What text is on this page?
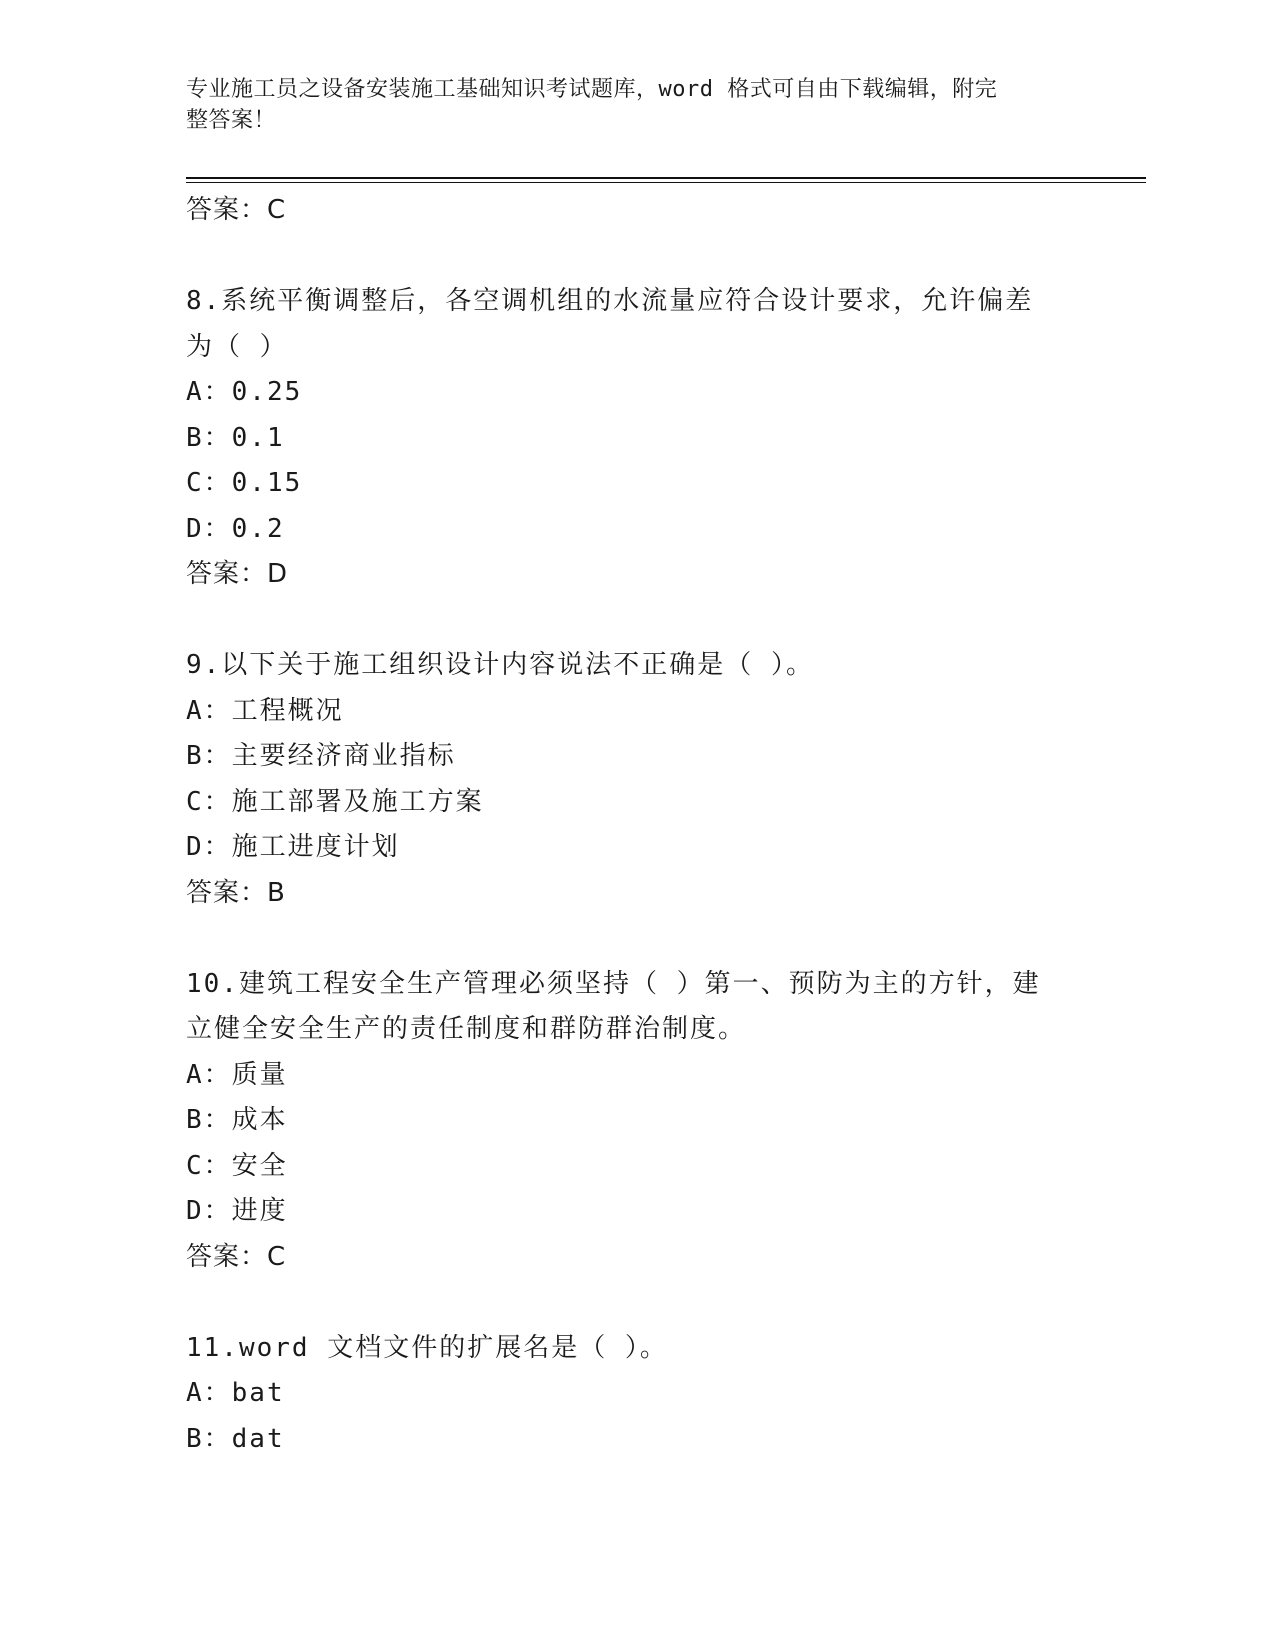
专业施工员之设备安装施工基础知识考试题库，word 格式可自由下载编辑，附完
整答案！
答案：C
8.系统平衡调整后，各空调机组的水流量应符合设计要求，允许偏差
为（ ）
A：0.25
B：0.1
C：0.15
D：0.2
答案：D
9.以下关于施工组织设计内容说法不正确是（ ）。
A：工程概况
B：主要经济商业指标
C：施工部署及施工方案
D：施工进度计划
答案：B
10.建筑工程安全生产管理必须坚持（ ）第一、预防为主的方针，建
立健全安全生产的责任制度和群防群治制度。
A：质量
B：成本
C：安全
D：进度
答案：C
11.word 文档文件的扩展名是（ ）。
A：bat
B：dat
